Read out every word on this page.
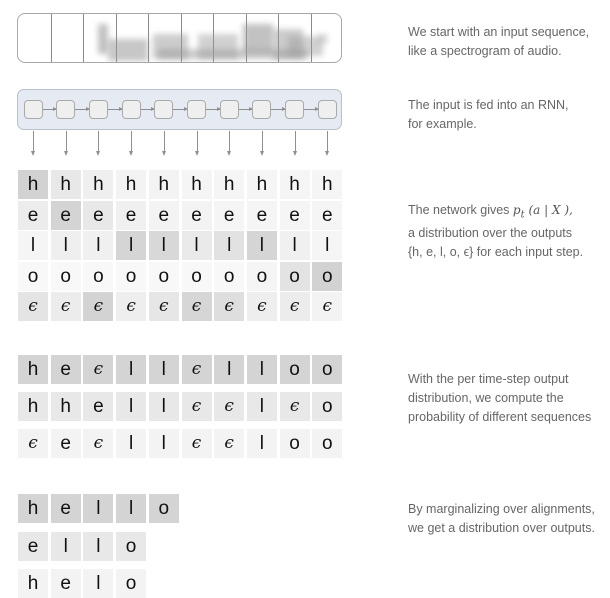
h	h	h	h	h	h	h	h	h	h
e	e	e	e	e	e	e	e	e	e
l	l	l	l	l	l	l	l	l	l
o	o	o	o	o	o	o	o	o	o
ϵ	ϵ	ϵ	ϵ	ϵ	ϵ	ϵ	ϵ	ϵ	ϵ
h	e	ϵ	l	l	ϵ	l	l	o	o
h	h	e	l	l	ϵ	ϵ	l	ϵ	o
ϵ	e	ϵ	l	l	ϵ	ϵ	l	o	o
h	e	l	l	o
e	l	l	o
h	e	l	o
We start with an input sequence,
like a spectrogram of audio.
The input is fed into an RNN,
for example.
The network gives $p_t$ (a | X ),
a distribution over the outputs
{h, e, l, o, ϵ} for each input step.
With the per time-step output
distribution, we compute the
probability of different sequences
By marginalizing over alignments,
we get a distribution over outputs.
